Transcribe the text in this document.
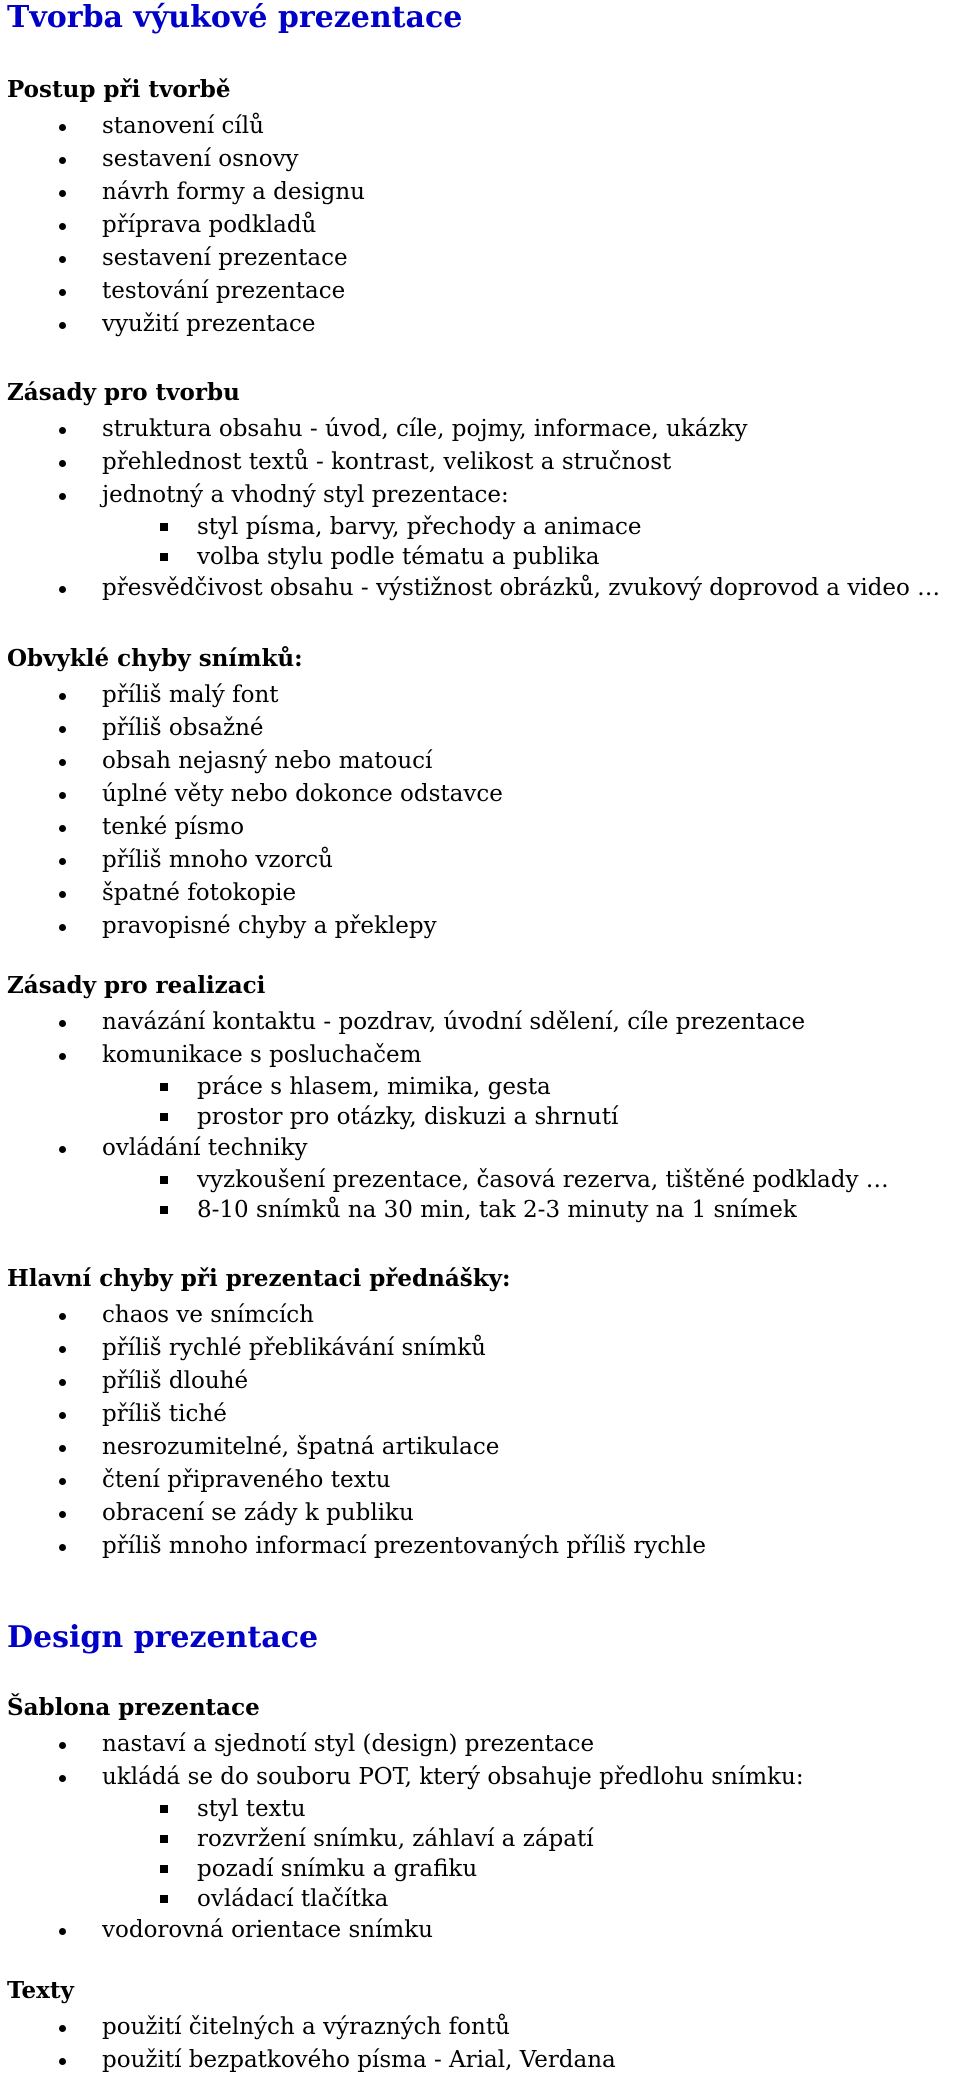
Tvorba výukové prezentace
Postup při tvorbě
stanovení cílů
sestavení osnovy
návrh formy a designu
příprava podkladů
sestavení prezentace
testování prezentace
využití prezentace
Zásady pro tvorbu
struktura obsahu - úvod, cíle, pojmy, informace, ukázky
přehlednost textů - kontrast, velikost a stručnost
jednotný a vhodný styl prezentace:
styl písma, barvy, přechody a animace
volba stylu podle tématu a publika
přesvědčivost obsahu - výstižnost obrázků, zvukový doprovod a video …
Obvyklé chyby snímků:
příliš malý font
příliš obsažné
obsah nejasný nebo matoucí
úplné věty nebo dokonce odstavce
tenké písmo
příliš mnoho vzorců
špatné fotokopie
pravopisné chyby a překlepy
Zásady pro realizaci
navázání kontaktu - pozdrav, úvodní sdělení, cíle prezentace
komunikace s posluchačem
práce s hlasem, mimika, gesta
prostor pro otázky, diskuzi a shrnutí
ovládání techniky
vyzkoušení prezentace, časová rezerva, tištěné podklady …
8-10 snímků na 30 min, tak 2-3 minuty na 1 snímek
Hlavní chyby při prezentaci přednášky:
chaos ve snímcích
příliš rychlé přeblikávání snímků
příliš dlouhé
příliš tiché
nesrozumitelné, špatná artikulace
čtení připraveného textu
obracení se zády k publiku
příliš mnoho informací prezentovaných příliš rychle
Design prezentace
Šablona prezentace
nastaví a sjednotí styl (design) prezentace
ukládá se do souboru POT, který obsahuje předlohu snímku:
styl textu
rozvržení snímku, záhlaví a zápatí
pozadí snímku a grafiku
ovládací tlačítka
vodorovná orientace snímku
Texty
použití čitelných a výrazných fontů
použití bezpatkového písma - Arial, Verdana
